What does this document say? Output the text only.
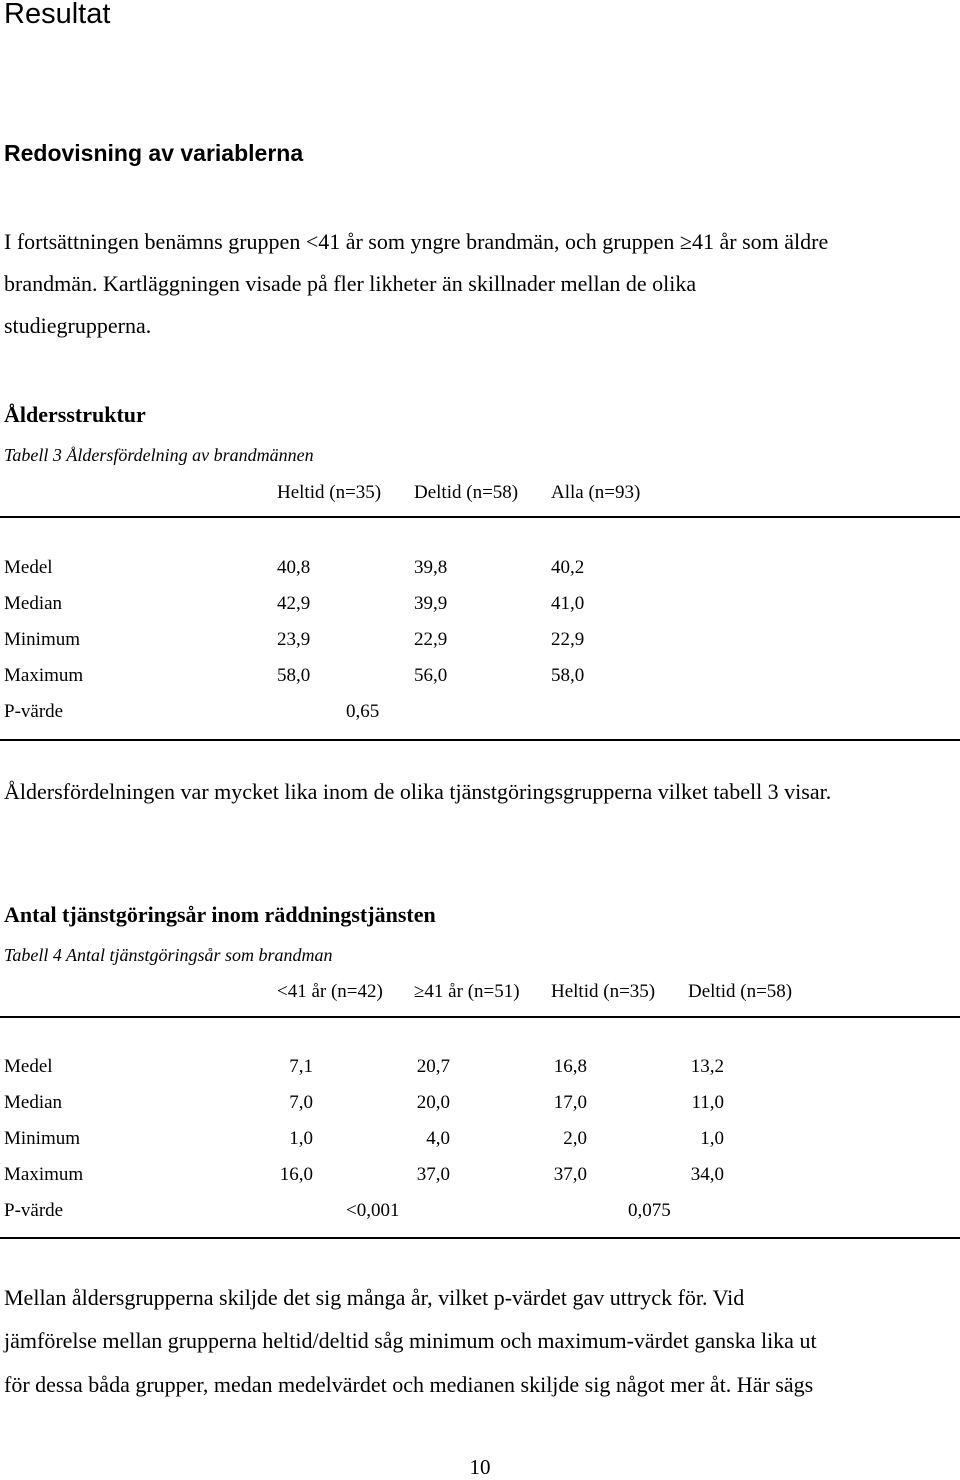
Resultat
Redovisning av variablerna
I fortsättningen benämns gruppen <41 år som yngre brandmän, och gruppen ≥41 år som äldre
brandmän. Kartläggningen visade på fler likheter än skillnader mellan de olika
studiegrupperna.
Åldersstruktur
Tabell 3 Åldersfördelning av brandmännen
Heltid (n=35) Deltid (n=58) Alla (n=93)
Medel	40,8	39,8	40,2
Median	42,9	39,9	41,0
Minimum	23,9	22,9	22,9
Maximum	58,0	56,0	58,0
P-värde	0,65
Åldersfördelningen var mycket lika inom de olika tjänstgöringsgrupperna vilket tabell 3 visar.
Antal tjänstgöringsår inom räddningstjänsten
Tabell 4 Antal tjänstgöringsår som brandman
<41 år (n=42) ≥41 år (n=51) Heltid (n=35) Deltid (n=58)
Medel	7,1	20,7	16,8	13,2
Median	7,0	20,0	17,0	11,0
Minimum	1,0	4,0	2,0	1,0
Maximum	16,0	37,0	37,0	34,0
P-värde	<0,001	0,075
Mellan åldersgrupperna skiljde det sig många år, vilket p-värdet gav uttryck för. Vid
jämförelse mellan grupperna heltid/deltid såg minimum och maximum-värdet ganska lika ut
för dessa båda grupper, medan medelvärdet och medianen skiljde sig något mer åt. Här sägs
10
